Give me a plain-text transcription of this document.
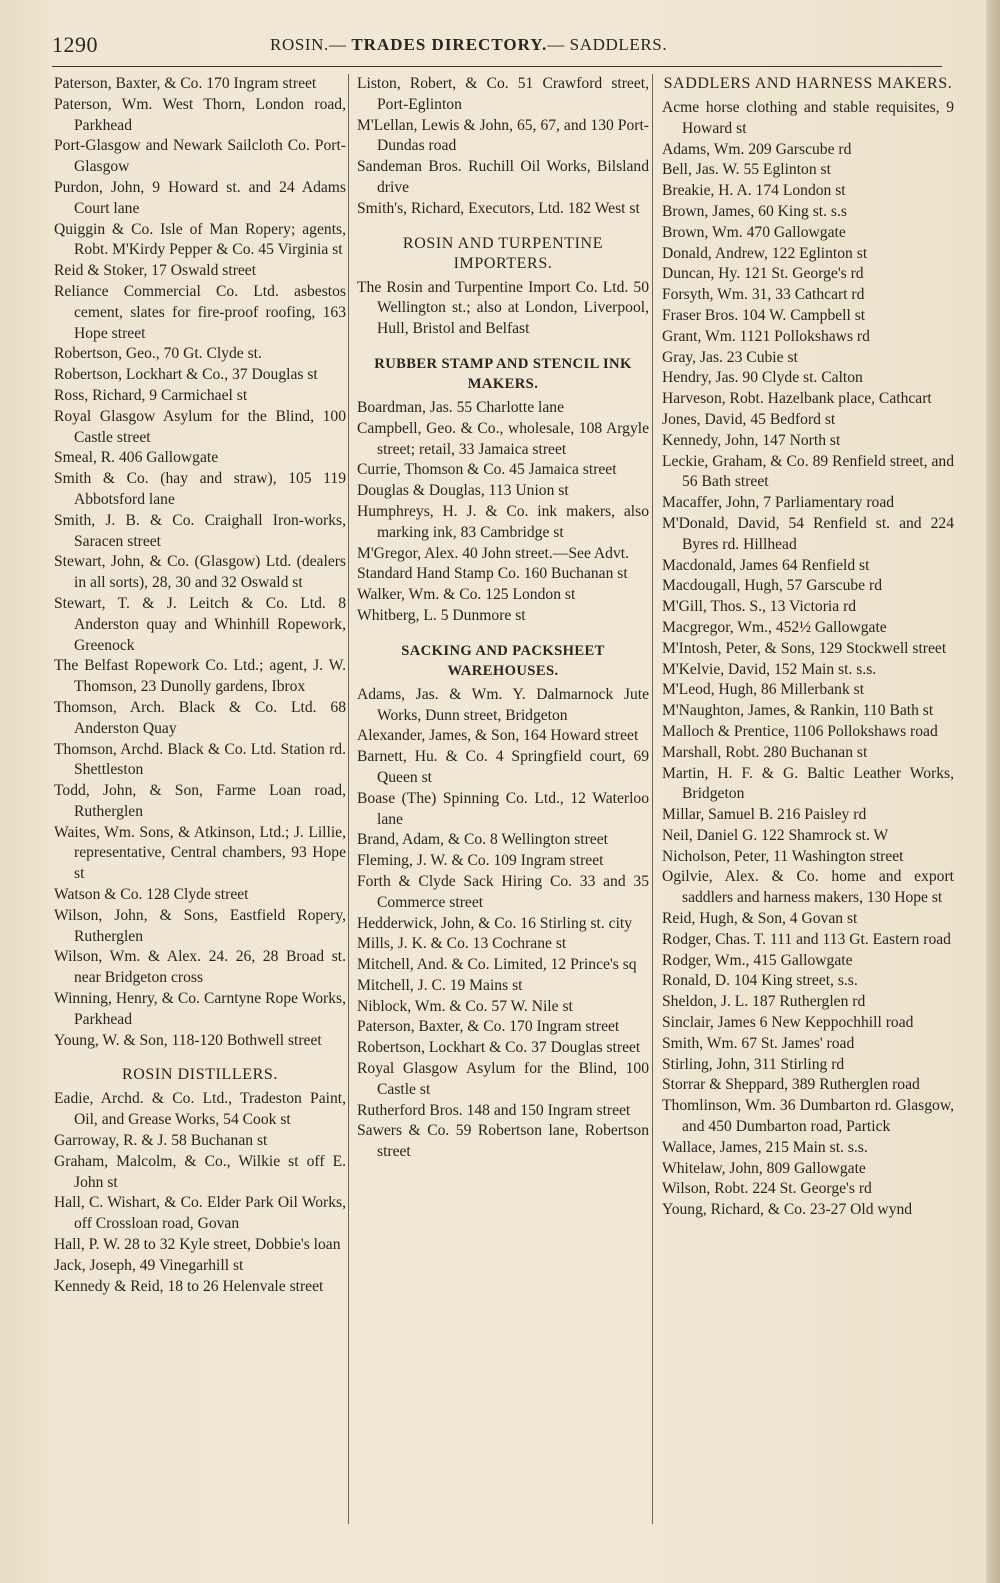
1290	ROSIN.— TRADES DIRECTORY.— SADDLERS.

Paterson, Baxter, & Co. 170 Ingram street

Paterson, Wm. West Thorn, London road, Parkhead

Port-Glasgow and Newark Sailcloth Co. Port-Glasgow

Purdon, John, 9 Howard st. and 24 Adams Court lane

Quiggin & Co. Isle of Man Ropery; agents, Robt. M'Kirdy Pepper & Co. 45 Virginia st

Reid & Stoker, 17 Oswald street

Reliance Commercial Co. Ltd. asbestos cement, slates for fire-proof roofing, 163 Hope street

Robertson, Geo., 70 Gt. Clyde st.

Robertson, Lockhart & Co., 37 Douglas st

Ross, Richard, 9 Carmichael st

Royal Glasgow Asylum for the Blind, 100 Castle street

Smeal, R. 406 Gallowgate

Smith & Co. (hay and straw), 105 119 Abbotsford lane

Smith, J. B. & Co. Craighall Iron-works, Saracen street

Stewart, John, & Co. (Glasgow) Ltd. (dealers in all sorts), 28, 30 and 32 Oswald st

Stewart, T. & J. Leitch & Co. Ltd. 8 Anderston quay and Whinhill Ropework, Greenock

The Belfast Ropework Co. Ltd.; agent, J. W. Thomson, 23 Dunolly gardens, Ibrox

Thomson, Arch. Black & Co. Ltd. 68 Anderston Quay

Thomson, Archd. Black & Co. Ltd. Station rd. Shettleston

Todd, John, & Son, Farme Loan road, Rutherglen

Waites, Wm. Sons, & Atkinson, Ltd.; J. Lillie, representative, Central chambers, 93 Hope st

Watson & Co. 128 Clyde street

Wilson, John, & Sons, Eastfield Ropery, Rutherglen

Wilson, Wm. & Alex. 24. 26, 28 Broad st. near Bridgeton cross

Winning, Henry, & Co. Carntyne Rope Works, Parkhead

Young, W. & Son, 118-120 Bothwell street

ROSIN DISTILLERS.

Eadie, Archd. & Co. Ltd., Tradeston Paint, Oil, and Grease Works, 54 Cook st

Garroway, R. & J. 58 Buchanan st

Graham, Malcolm, & Co., Wilkie st off E. John st

Hall, C. Wishart, & Co. Elder Park Oil Works, off Crossloan road, Govan

Hall, P. W. 28 to 32 Kyle street, Dobbie's loan

Jack, Joseph, 49 Vinegarhill st

Kennedy & Reid, 18 to 26 Helenvale street

Liston, Robert, & Co. 51 Crawford street, Port-Eglinton

M'Lellan, Lewis & John, 65, 67, and 130 Port-Dundas road

Sandeman Bros. Ruchill Oil Works, Bilsland drive

Smith's, Richard, Executors, Ltd. 182 West st

ROSIN AND TURPENTINE IMPORTERS.

The Rosin and Turpentine Import Co. Ltd. 50 Wellington st.; also at London, Liverpool, Hull, Bristol and Belfast

RUBBER STAMP AND STENCIL INK MAKERS.

Boardman, Jas. 55 Charlotte lane

Campbell, Geo. & Co., wholesale, 108 Argyle street; retail, 33 Jamaica street

Currie, Thomson & Co. 45 Jamaica street

Douglas & Douglas, 113 Union st

Humphreys, H. J. & Co. ink makers, also marking ink, 83 Cambridge st

M'Gregor, Alex. 40 John street.—See Advt.

Standard Hand Stamp Co. 160 Buchanan st

Walker, Wm. & Co. 125 London st

Whitberg, L. 5 Dunmore st

SACKING AND PACKSHEET WAREHOUSES.

Adams, Jas. & Wm. Y. Dalmarnock Jute Works, Dunn street, Bridgeton

Alexander, James, & Son, 164 Howard street

Barnett, Hu. & Co. 4 Springfield court, 69 Queen st

Boase (The) Spinning Co. Ltd., 12 Waterloo lane

Brand, Adam, & Co. 8 Wellington street

Fleming, J. W. & Co. 109 Ingram street

Forth & Clyde Sack Hiring Co. 33 and 35 Commerce street

Hedderwick, John, & Co. 16 Stirling st. city

Mills, J. K. & Co. 13 Cochrane st

Mitchell, And. & Co. Limited, 12 Prince's sq

Mitchell, J. C. 19 Mains st

Niblock, Wm. & Co. 57 W. Nile st

Paterson, Baxter, & Co. 170 Ingram street

Robertson, Lockhart & Co. 37 Douglas street

Royal Glasgow Asylum for the Blind, 100 Castle st

Rutherford Bros. 148 and 150 Ingram street

Sawers & Co. 59 Robertson lane, Robertson street

SADDLERS AND HARNESS MAKERS.

Acme horse clothing and stable requisites, 9 Howard st

Adams, Wm. 209 Garscube rd

Bell, Jas. W. 55 Eglinton st

Breakie, H. A. 174 London st

Brown, James, 60 King st. s.s

Brown, Wm. 470 Gallowgate

Donald, Andrew, 122 Eglinton st

Duncan, Hy. 121 St. George's rd

Forsyth, Wm. 31, 33 Cathcart rd

Fraser Bros. 104 W. Campbell st

Grant, Wm. 1121 Pollokshaws rd

Gray, Jas. 23 Cubie st

Hendry, Jas. 90 Clyde st. Calton

Harveson, Robt. Hazelbank place, Cathcart

Jones, David, 45 Bedford st

Kennedy, John, 147 North st

Leckie, Graham, & Co. 89 Renfield street, and 56 Bath street

Macaffer, John, 7 Parliamentary road

M'Donald, David, 54 Renfield st. and 224 Byres rd. Hillhead

Macdonald, James 64 Renfield st

Macdougall, Hugh, 57 Garscube rd

M'Gill, Thos. S., 13 Victoria rd

Macgregor, Wm., 452½ Gallowgate

M'Intosh, Peter, & Sons, 129 Stockwell street

M'Kelvie, David, 152 Main st. s.s.

M'Leod, Hugh, 86 Millerbank st

M'Naughton, James, & Rankin, 110 Bath st

Malloch & Prentice, 1106 Pollokshaws road

Marshall, Robt. 280 Buchanan st

Martin, H. F. & G. Baltic Leather Works, Bridgeton

Millar, Samuel B. 216 Paisley rd

Neil, Daniel G. 122 Shamrock st. W

Nicholson, Peter, 11 Washington street

Ogilvie, Alex. & Co. home and export saddlers and harness makers, 130 Hope st

Reid, Hugh, & Son, 4 Govan st

Rodger, Chas. T. 111 and 113 Gt. Eastern road

Rodger, Wm., 415 Gallowgate

Ronald, D. 104 King street, s.s.

Sheldon, J. L. 187 Rutherglen rd

Sinclair, James 6 New Keppochhill road

Smith, Wm. 67 St. James' road

Stirling, John, 311 Stirling rd

Storrar & Sheppard, 389 Rutherglen road

Thomlinson, Wm. 36 Dumbarton rd. Glasgow, and 450 Dumbarton road, Partick

Wallace, James, 215 Main st. s.s.

Whitelaw, John, 809 Gallowgate

Wilson, Robt. 224 St. George's rd

Young, Richard, & Co. 23-27 Old wynd
